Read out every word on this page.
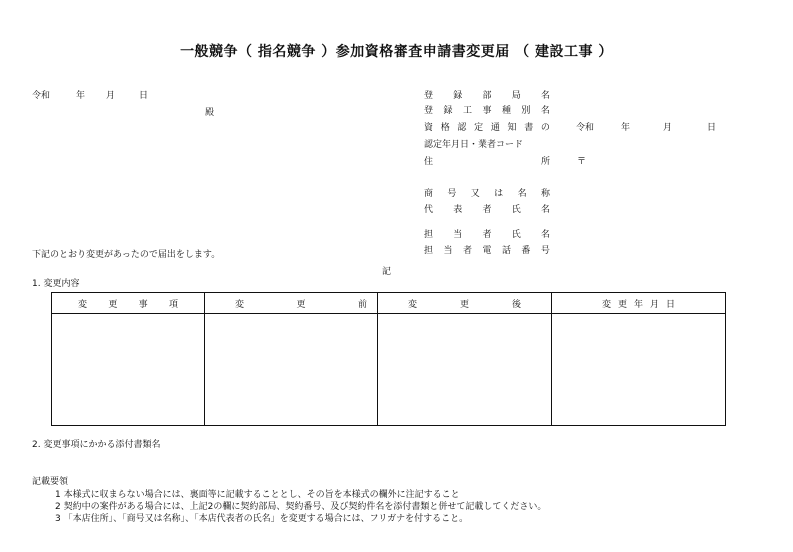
一般競争（ 指名競争 ）参加資格審査申請書変更届 （ 建設工事 ）
令和	年 月	日
殿
登 録 部 局 名
登 録 工 事 種 別 名
資 格 認 定 通 知 書 の
認定年月日・業者コード
令和	年	月	日
住	所	〒
商 号 又 は 名 称
代 表 者 氏 名
担 当 者 氏 名
担 当 者 電 話 番 号
下記のとおり変更があったので届出をします。
記
1. 変更内容
変 更 事 項	変 更 前	変 更 後	変 更 年 月 日

2. 変更事項にかかる添付書類名
記載要領
1 本様式に収まらない場合には、裏面等に記載することとし、その旨を本様式の欄外に注記すること
2 契約中の案件がある場合には、上記2の欄に契約部局、契約番号、及び契約件名を添付書類と併せて記載してください。
3 「本店住所」、「商号又は名称」、「本店代表者の氏名」を変更する場合には、フリガナを付すること。
